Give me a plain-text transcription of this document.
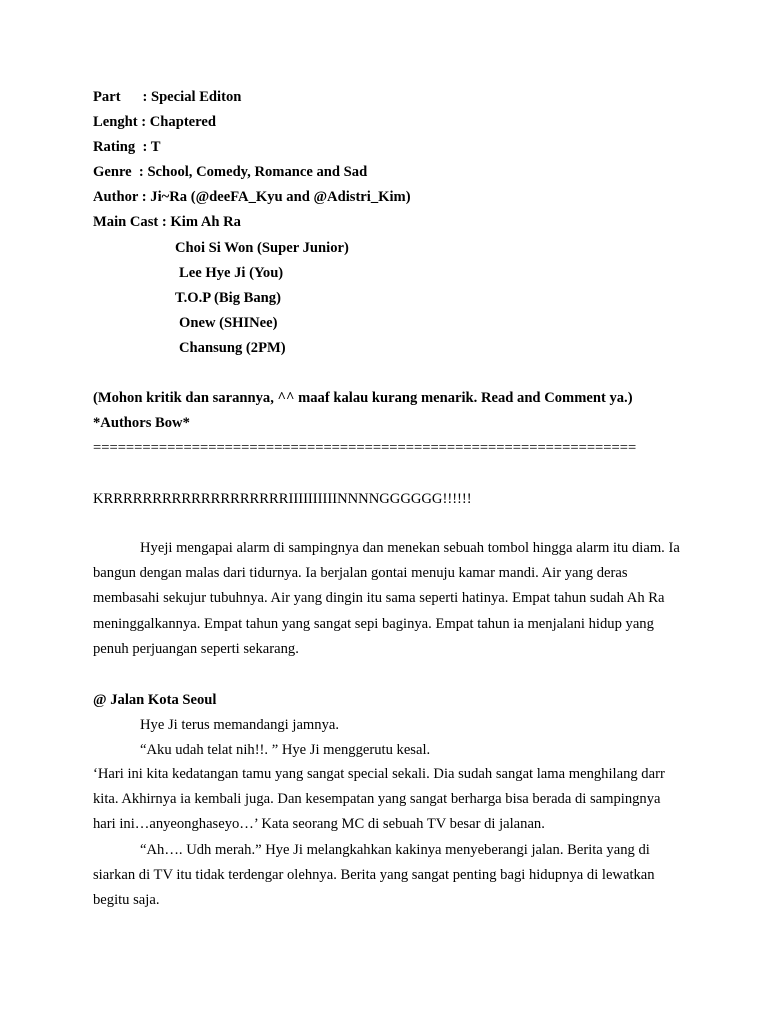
Part      : Special Editon
Lenght : Chaptered
Rating  : T
Genre  : School, Comedy, Romance and Sad
Author : Ji~Ra (@deeFA_Kyu and @Adistri_Kim)
Main Cast : Kim Ah Ra
Choi Si Won (Super Junior)
Lee Hye Ji (You)
T.O.P (Big Bang)
Onew (SHINee)
Chansung (2PM)
(Mohon kritik dan sarannya, ^^ maaf kalau kurang menarik. Read and Comment ya.)
*Authors Bow*
==================================================================
KRRRRRRRRRRRRRRRRRRRIIIIIIIIIINNNNGGGGGG!!!!!!

Hyeji mengapai alarm di sampingnya dan menekan sebuah tombol hingga alarm itu diam. Ia bangun dengan malas dari tidurnya. Ia berjalan gontai menuju kamar mandi. Air yang deras membasahi sekujur tubuhnya. Air yang dingin itu sama seperti hatinya. Empat tahun sudah Ah Ra meninggalkannya. Empat tahun yang sangat sepi baginya. Empat tahun ia menjalani hidup yang penuh perjuangan seperti sekarang.

@ Jalan Kota Seoul
Hye Ji terus memandangi jamnya.
“Aku udah telat nih!!. ” Hye Ji menggerutu kesal.

‘Hari ini kita kedatangan tamu yang sangat special sekali. Dia sudah sangat lama menghilang darr kita. Akhirnya ia kembali juga. Dan kesempatan yang sangat berharga bisa berada di sampingnya hari ini…anyeonghaseyo…’ Kata seorang MC di sebuah TV besar di jalanan.

“Ah…. Udh merah.” Hye Ji melangkahkan kakinya menyeberangi jalan. Berita yang di siarkan di TV itu tidak terdengar olehnya. Berita yang sangat penting bagi hidupnya di lewatkan begitu saja.
